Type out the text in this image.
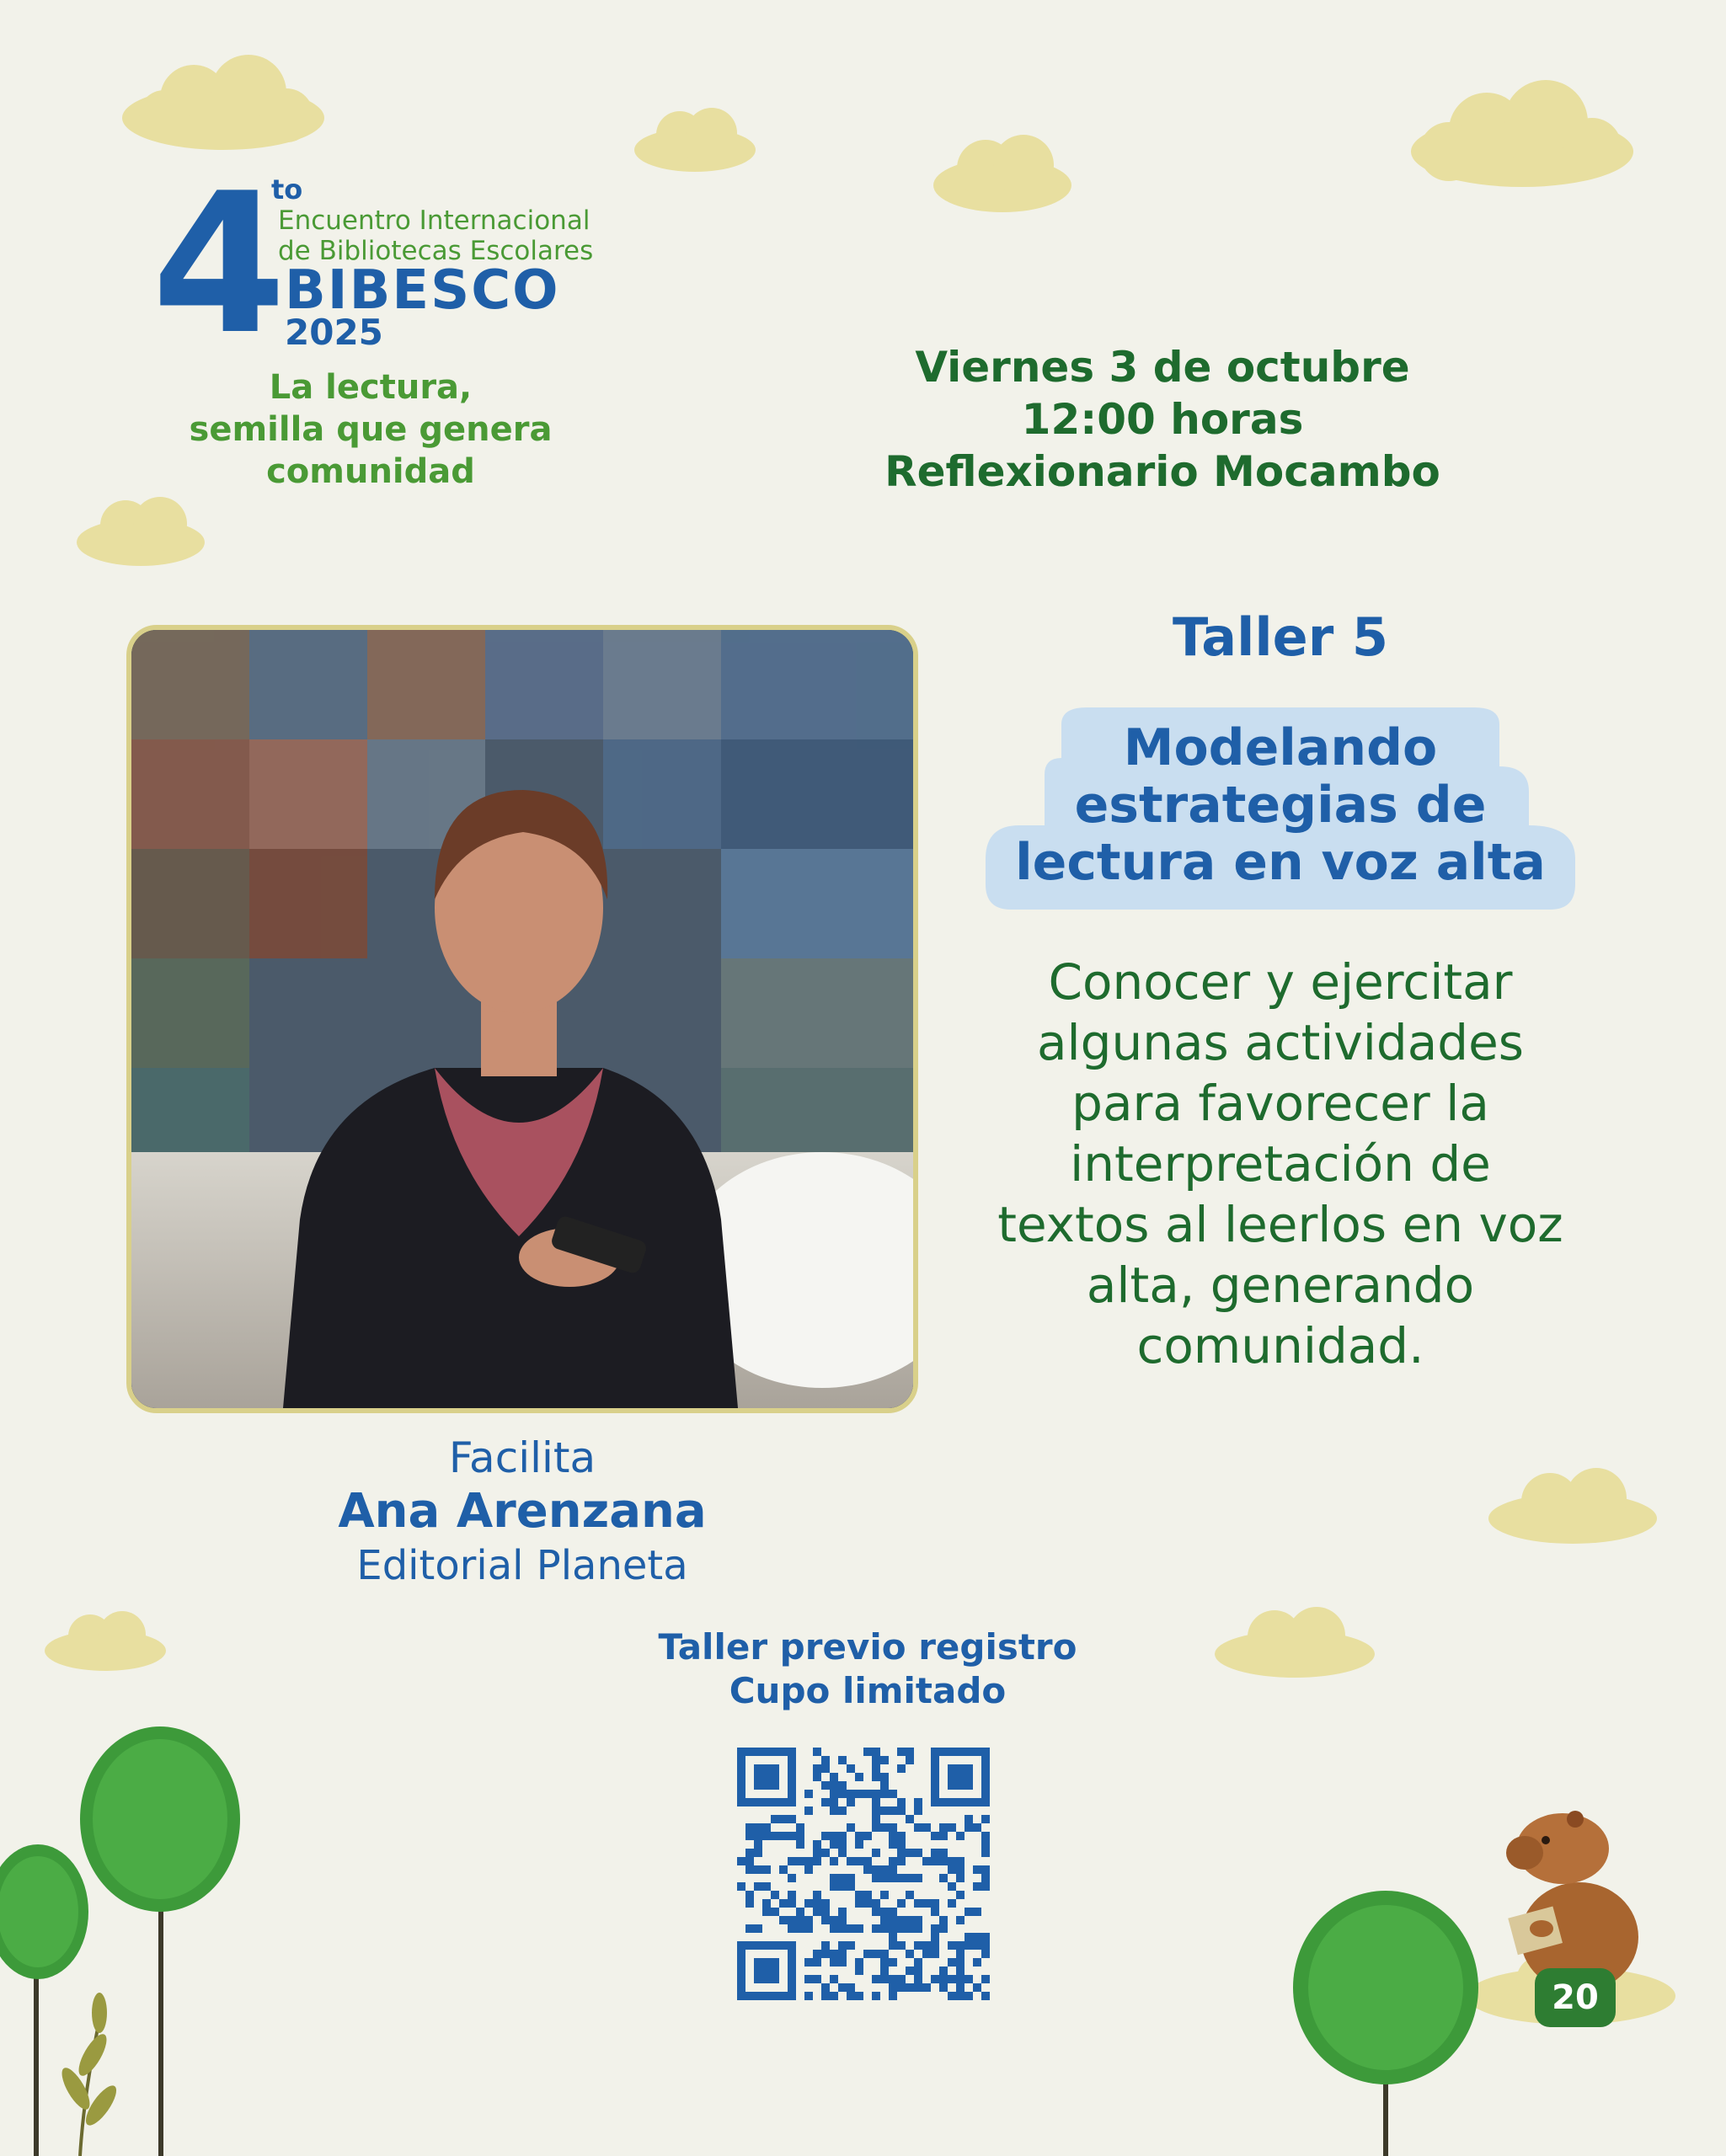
4
to
Encuentro Internacional
de Bibliotecas Escolares
BIBESCO
2025
La lectura,
semilla que genera
comunidad
Viernes 3 de octubre
12:00 horas
Reflexionario Mocambo
Facilita
Ana Arenzana
Editorial Planeta
Taller 5
Modelando
estrategias de
lectura en voz alta
Conocer y ejercitar
algunas actividades
para favorecer la
interpretación de
textos al leerlos en voz
alta, generando
comunidad.
Taller previo registro
Cupo limitado
20
